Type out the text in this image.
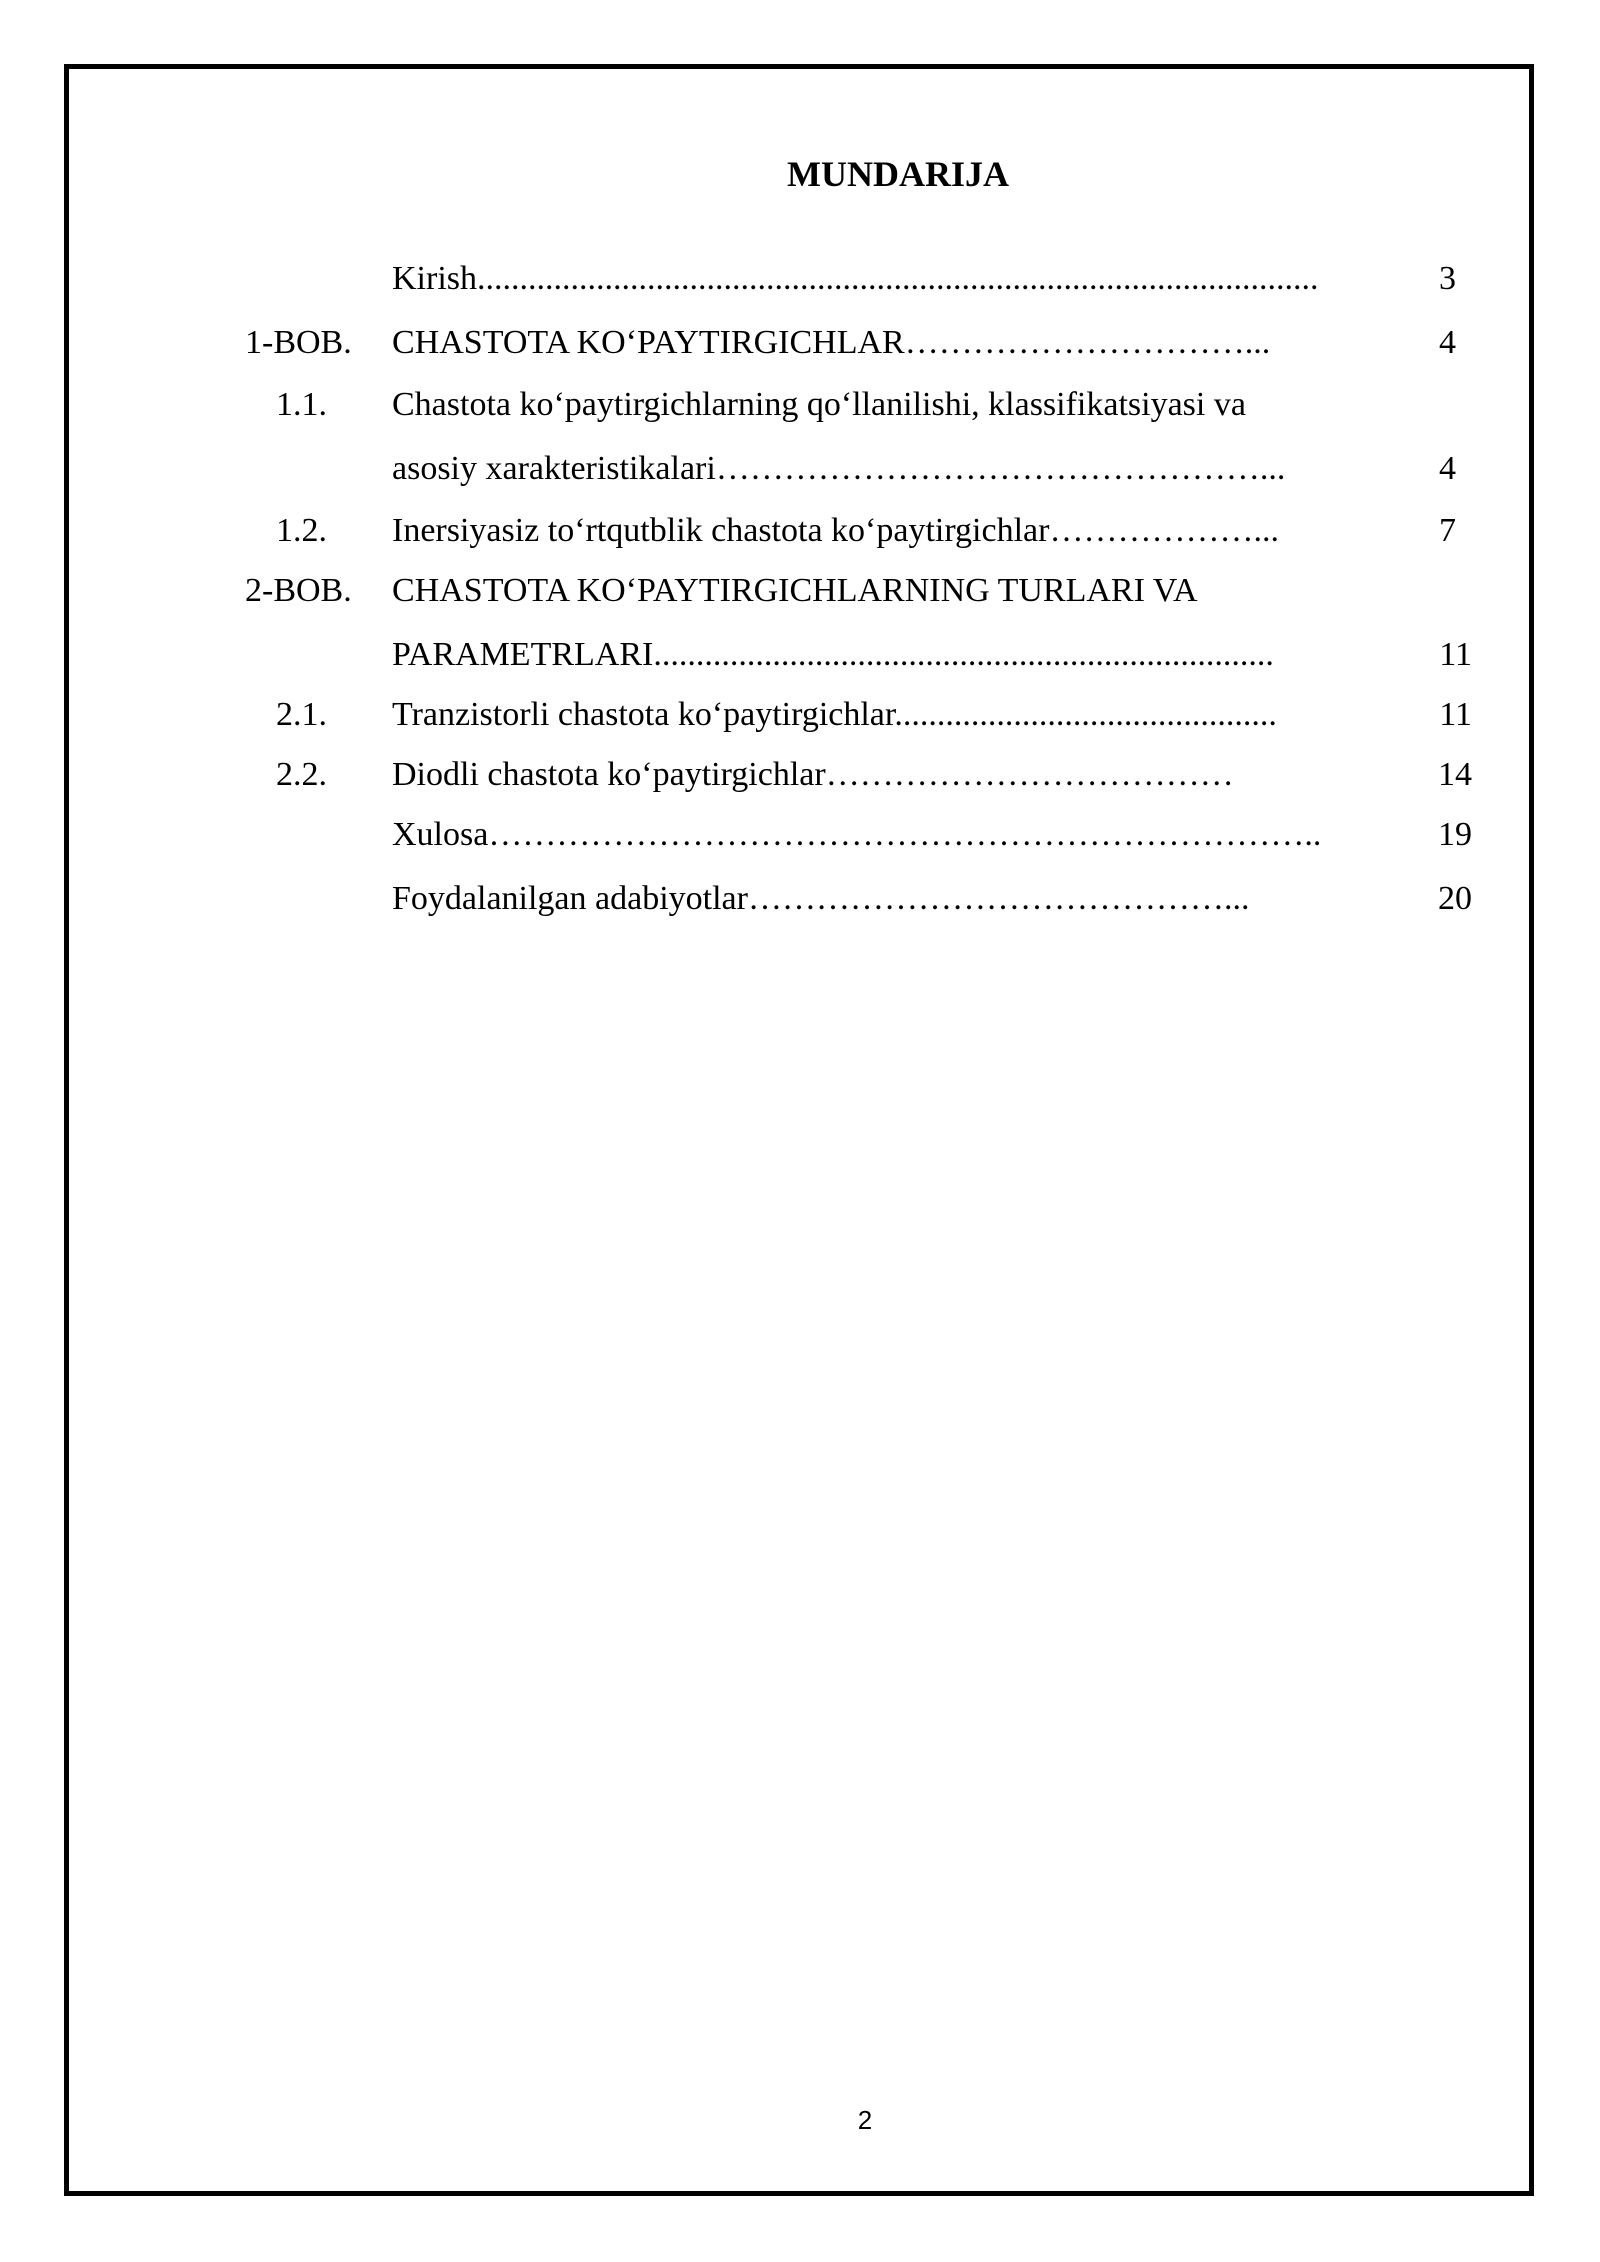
MUNDARIJA
Kirish...................................................................................................	3
1-BOB. CHASTOTA KO‘PAYTIRGICHLAR…………………………...	4
1.1. Chastota ko‘paytirgichlarning qo‘llanilishi, klassifikatsiyasi va
asosiy xarakteristikalari…………………………………………...	4
1.2. Inersiyasiz to‘rtqutblik chastota ko‘paytirgichlar………………...	7
2-BOB. CHASTOTA KO‘PAYTIRGICHLARNING TURLARI VA
PARAMETRLARI.........................................................................	11
2.1. Tranzistorli chastota ko‘paytirgichlar.............................................	11
2.2. Diodli chastota ko‘paytirgichlar………………………………	14
Xulosa………………………………………………………………..	19
Foydalanilgan adabiyotlar……………………………………...	20
2
